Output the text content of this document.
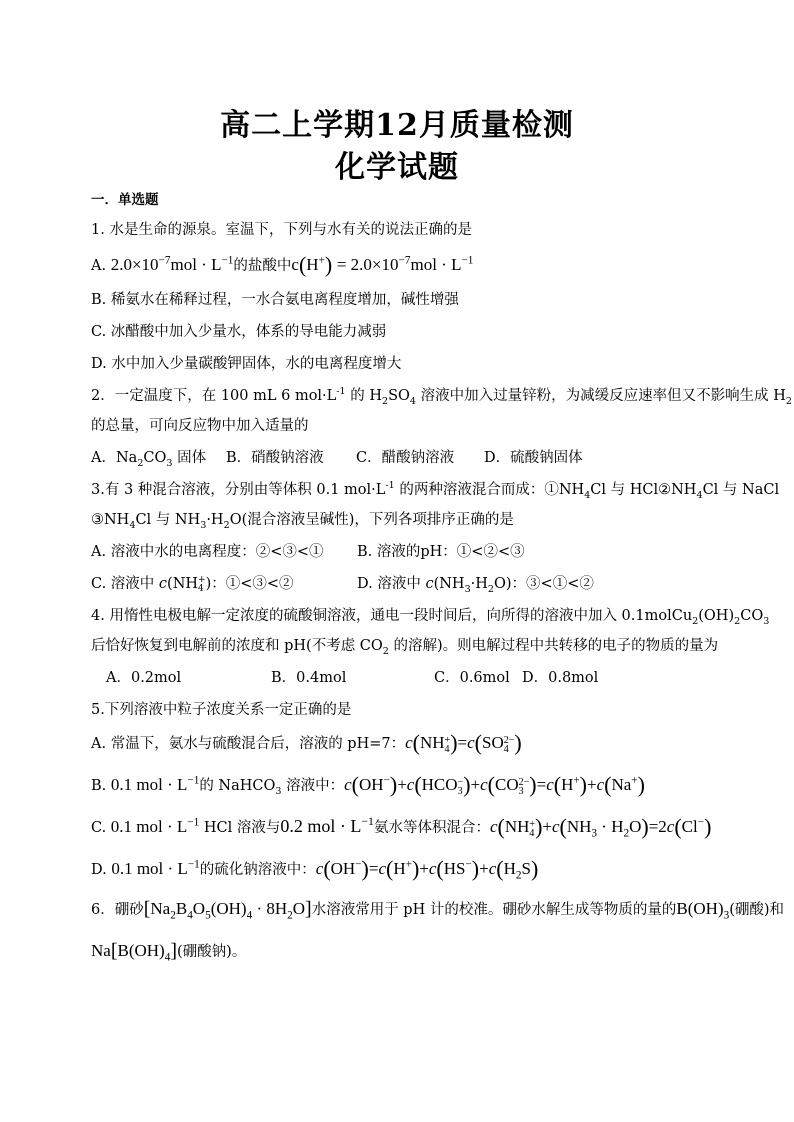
高二上学期12月质量检测
化学试题
一．单选题
1. 水是生命的源泉。室温下，下列与水有关的说法正确的是
A. $2.0\times 10^{-7}mol \cdot L^{-1}$的盐酸中$c(H^+) = 2.0\times 10^{-7}mol \cdot L^{-1}$
B. 稀氨水在稀释过程，一水合氨电离程度增加，碱性增强
C. 冰醋酸中加入少量水，体系的导电能力减弱
D. 水中加入少量碳酸钾固体，水的电离程度增大
2．一定温度下，在 100 mL 6 $mol\cdot L^{-1}$ 的 $H_2SO_4$ 溶液中加入过量锌粉，为减缓反应速率但又不影响生成 $H_2$
的总量，可向反应物中加入适量的
A．$Na_2CO_3$ 固体 B．硝酸钠溶液 C．醋酸钠溶液 D．硫酸钠固体
3.有 3 种混合溶液，分别由等体积 0.1 $mol\cdot L^{-1}$ 的两种溶液混合而成：$①NH_4Cl$ 与 $HCl②NH_4Cl$ 与 NaCl
$③NH_4Cl$ 与 $NH_3\cdot H_2O$(混合溶液呈碱性)，下列各项排序正确的是
A. 溶液中水的电离程度：②<③<① B. 溶液的pH：①<②<③
C. 溶液中 c(NH +
4 )：①<③<②	D. 溶液中 $c(NH_3\cdot H_2O)$：③<①<②
4. 用惰性电极电解一定浓度的硫酸铜溶液，通电一段时间后，向所得的溶液中加入 $0.1molCu_2(OH)_2CO_3$
后恰好恢复到电解前的浓度和 pH(不考虑 $CO_2$ 的溶解)。则电解过程中共转移的电子的物质的量为
A．0.2mol	B．0.4mol	C．0.6mol D．0.8mol
5.下列溶液中粒子浓度关系一定正确的是
A. 常温下，氨水与硫酸混合后，溶液的 pH=7：c(NH +
4 )=c(SO 2−
4 )
B. 0.1 mol · $L^{-1}$的 NaHCO$_3$ 溶液中：c(OH−)+c(HCO −
3 )+c(CO 2−
3 )=c(H+)+c(Na+)
C. 0.1 mol · $L^{-1}$ HCl 溶液与0.2 mol · $L^{-1}$氨水等体积混合：c(NH +
4 )$+c(NH_3 \cdot H_2O)=2c(Cl^-)$
D. 0.1 mol · $L^{-1}$的硫化钠溶液中：$c(OH^-)=c(H^+)+c(HS^-)+c(H_2S)$
6．硼砂$[Na_2B_4O_5(OH)_4 \cdot 8H_2O]$水溶液常用于 pH 计的校准。硼砂水解生成等物质的量的$B(OH)_3$(硼酸)和
$Na[B(OH)_4]$(硼酸钠)。
